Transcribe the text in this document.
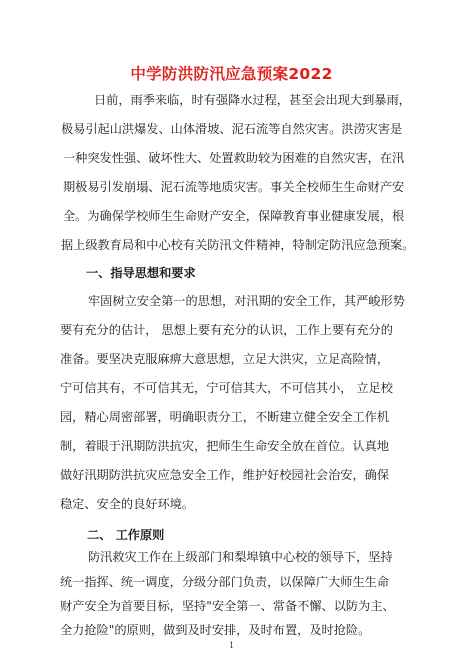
中学防洪防汛应急预案2022
日前，雨季来临，时有强降水过程，甚至会出现大到暴雨，
极易引起山洪爆发、山体滑坡、泥石流等自然灾害。洪涝灾害是
一种突发性强、破坏性大、处置救助较为困难的自然灾害，在汛
期极易引发崩塌、泥石流等地质灾害。事关全校师生生命财产安
全。为确保学校师生生命财产安全，保障教育事业健康发展，根
据上级教育局和中心校有关防汛文件精神，特制定防汛应急预案。
一、指导思想和要求
牢固树立安全第一的思想，对汛期的安全工作，其严峻形势
要有充分的估计， 思想上要有充分的认识，工作上要有充分的
准备。要坚决克服麻痹大意思想，立足大洪灾，立足高险情，
宁可信其有，不可信其无，宁可信其大，不可信其小， 立足校
园，精心周密部署，明确职责分工，不断建立健全安全工作机
制，着眼于汛期防洪抗灾，把师生生命安全放在首位。认真地
做好汛期防洪抗灾应急安全工作，维护好校园社会治安，确保
稳定、安全的良好环境。
二、 工作原则
防汛救灾工作在上级部门和梨埠镇中心校的领导下，坚持
统一指挥、统一调度，分级分部门负责，以保障广大师生生命
财产安全为首要目标，坚持"安全第一、常备不懈、以防为主、
1
全力抢险"的原则，做到及时安排，及时布置，及时抢险。
